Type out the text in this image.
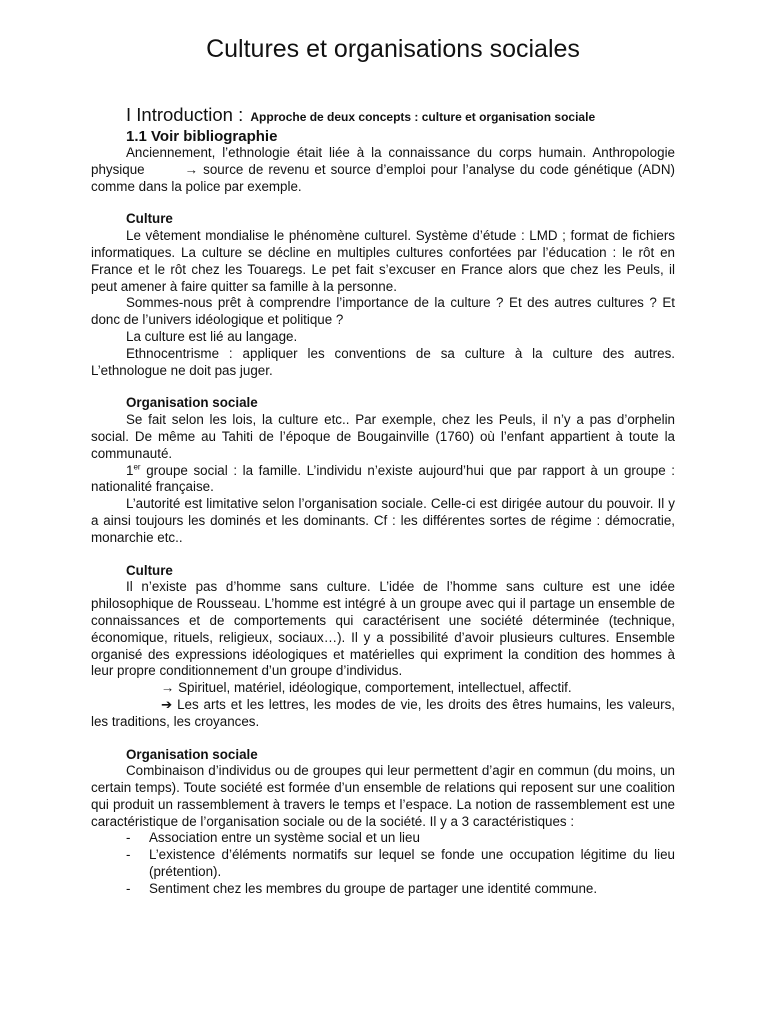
Cultures et organisations sociales
I Introduction : Approche de deux concepts : culture et organisation sociale
1.1 Voir bibliographie

Anciennement, l’ethnologie était liée à la connaissance du corps humain. Anthropologie physique	→ source de revenu et source d’emploi pour l’analyse du code génétique (ADN) comme dans la police par exemple.

Culture

Le vêtement mondialise le phénomène culturel. Système d’étude : LMD ; format de fichiers informatiques. La culture se décline en multiples cultures confortées par l’éducation : le rôt en France et le rôt chez les Touaregs. Le pet fait s’excuser en France alors que chez les Peuls, il peut amener à faire quitter sa famille à la personne.

Sommes-nous prêt à comprendre l’importance de la culture ? Et des autres cultures ? Et donc de l’univers idéologique et politique ?

La culture est lié au langage.

Ethnocentrisme : appliquer les conventions de sa culture à la culture des autres. L’ethnologue ne doit pas juger.

Organisation sociale

Se fait selon les lois, la culture etc.. Par exemple, chez les Peuls, il n’y a pas d’orphelin social. De même au Tahiti de l’époque de Bougainville (1760) où l’enfant appartient à toute la communauté.

1er groupe social : la famille. L’individu n’existe aujourd’hui que par rapport à un groupe : nationalité française.

L’autorité est limitative selon l’organisation sociale. Celle-ci est dirigée autour du pouvoir. Il y a ainsi toujours les dominés et les dominants. Cf : les différentes sortes de régime : démocratie, monarchie etc..

Culture

Il n’existe pas d’homme sans culture. L’idée de l’homme sans culture est une idée philosophique de Rousseau. L’homme est intégré à un groupe avec qui il partage un ensemble de connaissances et de comportements qui caractérisent une société déterminée (technique, économique, rituels, religieux, sociaux…). Il y a possibilité d’avoir plusieurs cultures. Ensemble organisé des expressions idéologiques et matérielles qui expriment la condition des hommes à leur propre conditionnement d’un groupe d’individus.

→ Spirituel, matériel, idéologique, comportement, intellectuel, affectif.

➔ Les arts et les lettres, les modes de vie, les droits des êtres humains, les valeurs, les traditions, les croyances.

Organisation sociale

Combinaison d’individus ou de groupes qui leur permettent d’agir en commun (du moins, un certain temps). Toute société est formée d’un ensemble de relations qui reposent sur une coalition qui produit un rassemblement à travers le temps et l’espace. La notion de rassemblement est une caractéristique de l’organisation sociale ou de la société. Il y a 3 caractéristiques :

- Association entre un système social et un lieu
- L’existence d’éléments normatifs sur lequel se fonde une occupation légitime du lieu (prétention).
- Sentiment chez les membres du groupe de partager une identité commune.
